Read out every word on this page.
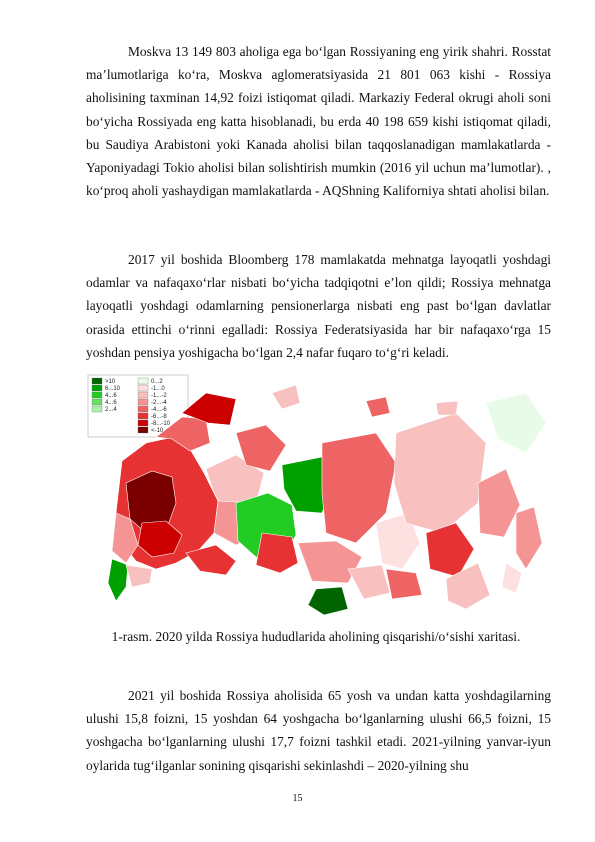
Moskva 13 149 803 aholiga ega bo‘lgan Rossiyaning eng yirik shahri. Rosstat ma’lumotlariga ko‘ra, Moskva aglomeratsiyasida 21 801 063 kishi - Rossiya aholisining taxminan 14,92 foizi istiqomat qiladi. Markaziy Federal okrugi aholi soni bo‘yicha Rossiyada eng katta hisoblanadi, bu erda 40 198 659 kishi istiqomat qiladi, bu Saudiya Arabistoni yoki Kanada aholisi bilan taqqoslanadigan mamlakatlarda - Yaponiyadagi Tokio aholisi bilan solishtirish mumkin (2016 yil uchun ma’lumotlar). , ko‘proq aholi yashaydigan mamlakatlarda - AQShning Kaliforniya shtati aholisi bilan.

2017 yil boshida Bloomberg 178 mamlakatda mehnatga layoqatli yoshdagi odamlar va nafaqaxo‘rlar nisbati bo‘yicha tadqiqotni e’lon qildi; Rossiya mehnatga layoqatli yoshdagi odamlarning pensionerlarga nisbati eng past bo‘lgan davlatlar orasida ettinchi o‘rinni egalladi: Rossiya Federatsiyasida har bir nafaqaxo‘rga 15 yoshdan pensiya yoshigacha bo‘lgan 2,4 nafar fuqaro to‘g‘ri keladi.

>10
6...10
4...6
4...6
2...4
0...2
-1...0
-1...-2
-2...-4
-4...-6
-6...-8
-8...-10
<-10
1-rasm. 2020 yilda Rossiya hududlarida aholining qisqarishi/o‘sishi xaritasi.

2021 yil boshida Rossiya aholisida 65 yosh va undan katta yoshdagilarning ulushi 15,8 foizni, 15 yoshdan 64 yoshgacha bo‘lganlarning ulushi 66,5 foizni, 15 yoshgacha bo‘lganlarning ulushi 17,7 foizni tashkil etadi. 2021-yilning yanvar-iyun oylarida tug‘ilganlar sonining qisqarishi sekinlashdi – 2020-yilning shu

15
